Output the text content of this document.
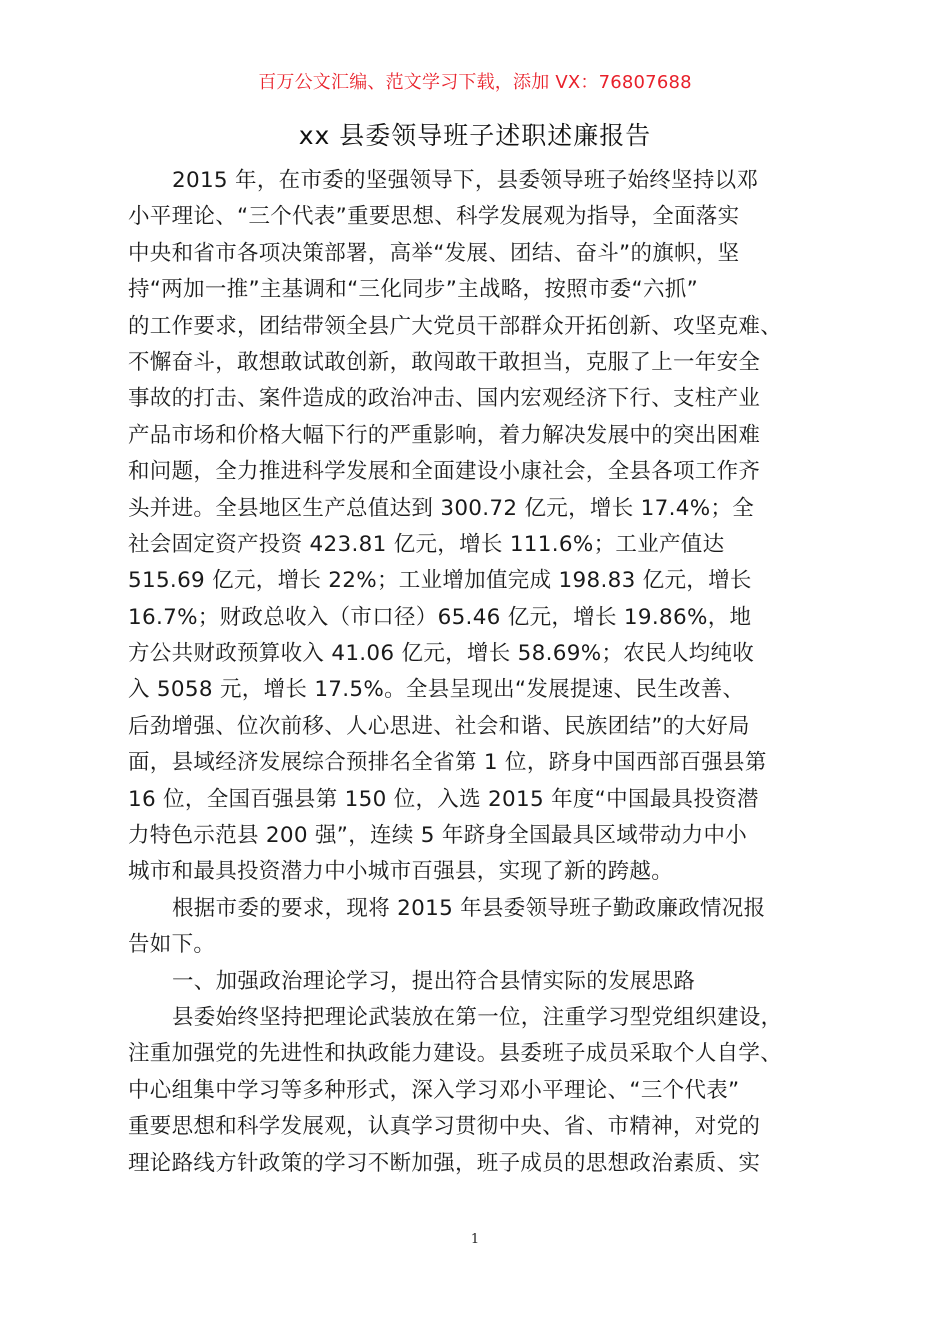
百万公文汇编、范文学习下载，添加 VX：76807688
xx 县委领导班子述职述廉报告
2015 年，在市委的坚强领导下，县委领导班子始终坚持以邓
小平理论、“三个代表”重要思想、科学发展观为指导，全面落实
中央和省市各项决策部署，高举“发展、团结、奋斗”的旗帜，坚
持“两加一推”主基调和“三化同步”主战略，按照市委“六抓”
的工作要求，团结带领全县广大党员干部群众开拓创新、攻坚克难、
不懈奋斗，敢想敢试敢创新，敢闯敢干敢担当，克服了上一年安全
事故的打击、案件造成的政治冲击、国内宏观经济下行、支柱产业
产品市场和价格大幅下行的严重影响，着力解决发展中的突出困难
和问题，全力推进科学发展和全面建设小康社会，全县各项工作齐
头并进。全县地区生产总值达到 300.72 亿元，增长 17.4%；全
社会固定资产投资 423.81 亿元，增长 111.6%；工业产值达
515.69 亿元，增长 22%；工业增加值完成 198.83 亿元，增长
16.7%；财政总收入（市口径）65.46 亿元，增长 19.86%，地
方公共财政预算收入 41.06 亿元，增长 58.69%；农民人均纯收
入 5058 元，增长 17.5%。全县呈现出“发展提速、民生改善、
后劲增强、位次前移、人心思进、社会和谐、民族团结”的大好局
面，县域经济发展综合预排名全省第 1 位，跻身中国西部百强县第
16 位，全国百强县第 150 位，入选 2015 年度“中国最具投资潜
力特色示范县 200 强”，连续 5 年跻身全国最具区域带动力中小
城市和最具投资潜力中小城市百强县，实现了新的跨越。
根据市委的要求，现将 2015 年县委领导班子勤政廉政情况报
告如下。
一、加强政治理论学习，提出符合县情实际的发展思路
县委始终坚持把理论武装放在第一位，注重学习型党组织建设，
注重加强党的先进性和执政能力建设。县委班子成员采取个人自学、
中心组集中学习等多种形式，深入学习邓小平理论、“三个代表”
重要思想和科学发展观，认真学习贯彻中央、省、市精神，对党的
理论路线方针政策的学习不断加强，班子成员的思想政治素质、实
1
